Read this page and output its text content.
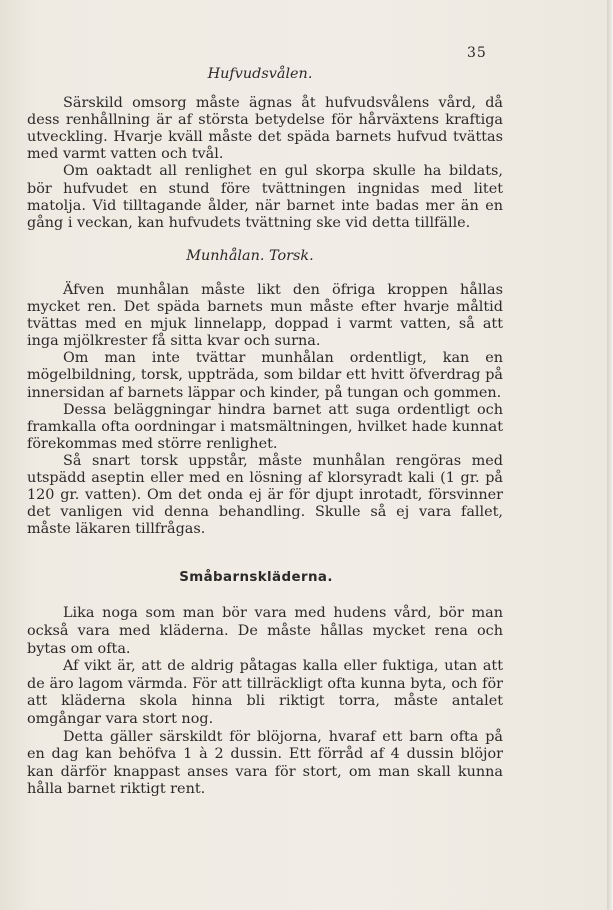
35
Hufvudsvålen.

Särskild omsorg måste ägnas åt hufvudsvålens vård, då dess renhållning är af största betydelse för hårväxtens kraftiga utveckling. Hvarje kväll måste det späda barnets hufvud tvättas med varmt vatten och tvål.

Om oaktadt all renlighet en gul skorpa skulle ha bildats, bör hufvudet en stund före tvättningen ingnidas med litet matolja. Vid tilltagande ålder, när barnet inte badas mer än en gång i veckan, kan hufvudets tvättning ske vid detta tillfälle.

Munhålan. Torsk.

Äfven munhålan måste likt den öfriga kroppen hållas mycket ren. Det späda barnets mun måste efter hvarje måltid tvättas med en mjuk linnelapp, doppad i varmt vatten, så att inga mjölkrester få sitta kvar och surna.

Om man inte tvättar munhålan ordentligt, kan en mögelbildning, torsk, uppträda, som bildar ett hvitt öfverdrag på innersidan af barnets läppar och kinder, på tungan och gommen.

Dessa beläggningar hindra barnet att suga ordentligt och framkalla ofta oordningar i matsmältningen, hvilket hade kunnat förekommas med större renlighet.

Så snart torsk uppstår, måste munhålan rengöras med utspädd aseptin eller med en lösning af klorsyradt kali (1 gr. på 120 gr. vatten). Om det onda ej är för djupt inrotadt, försvinner det vanligen vid denna behandling. Skulle så ej vara fallet, måste läkaren tillfrågas.

Småbarnskläderna.

Lika noga som man bör vara med hudens vård, bör man också vara med kläderna. De måste hållas mycket rena och bytas om ofta.

Af vikt är, att de aldrig påtagas kalla eller fuktiga, utan att de äro lagom värmda. För att tillräckligt ofta kunna byta, och för att kläderna skola hinna bli riktigt torra, måste antalet omgångar vara stort nog.

Detta gäller särskildt för blöjorna, hvaraf ett barn ofta på en dag kan behöfva 1 à 2 dussin. Ett förråd af 4 dussin blöjor kan därför knappast anses vara för stort, om man skall kunna hålla barnet riktigt rent.
